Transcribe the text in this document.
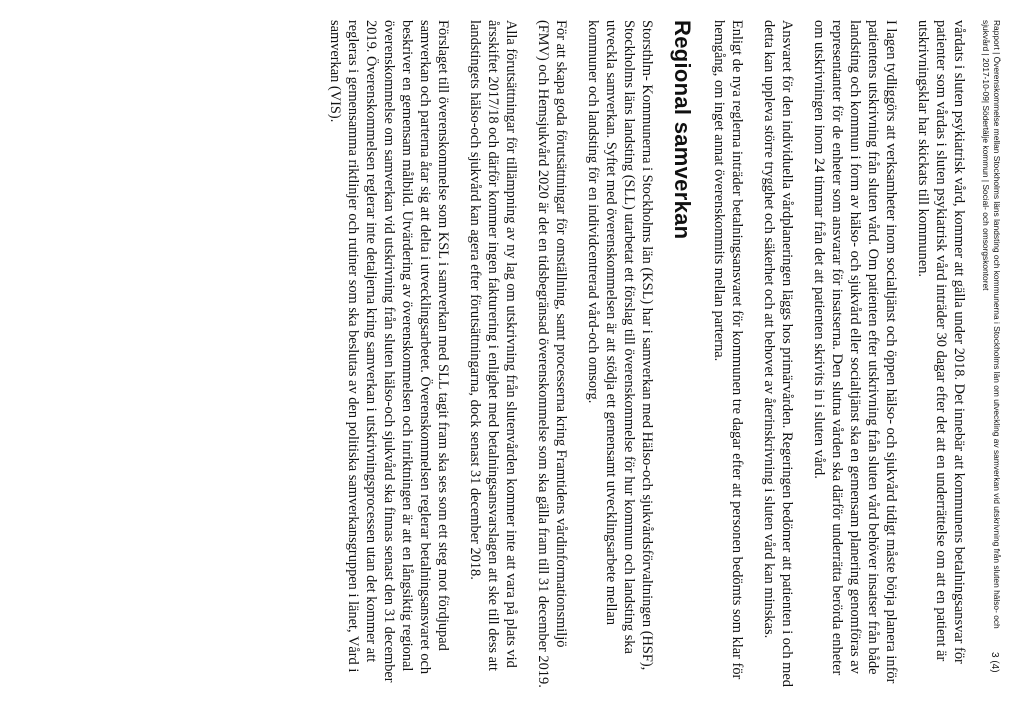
Rapport | Överenskommelse mellan Stockholms läns landsting och kommunerna i Stockholms län om utveckling av samverkan vid utskrivning från sluten hälso- och sjukvård | 2017-10-09| Södertälje kommun | Social- och omsorgskontoret
3 (4)

vårdats i sluten psykiatrisk vård, kommer att gälla under 2018. Det innebär att kommunens betalningsansvar för patienter som vårdas i sluten psykiatrisk vård inträder 30 dagar efter det att en underrättelse om att en patient är utskrivningsklar har skickats till kommunen.

I lagen tydliggörs att verksamheter inom socialtjänst och öppen hälso- och sjukvård tidigt måste börja planera inför patientens utskrivning från sluten vård. Om patienten efter utskrivning från sluten vård behöver insatser från både landsting och kommun i form av hälso- och sjukvård eller socialtjänst ska en gemensam planering genomföras av representanter för de enheter som ansvarar för insatserna. Den slutna vården ska därför underrätta berörda enheter om utskrivningen inom 24 timmar från det att patienten skrivits in i sluten vård.

Ansvaret för den individuella vårdplaneringen läggs hos primärvården. Regeringen bedömer att patienten i och med detta kan uppleva större trygghet och säkerhet och att behovet av återinskrivning i sluten vård kan minskas.

Enligt de nya reglerna inträder betalningsansvaret för kommunen tre dagar efter att personen bedömts som klar för hemgång, om inget annat överenskommits mellan parterna.

Regional samverkan

Storsthlm- Kommunerna i Stockholms län (KSL) har i samverkan med Hälso-och sjukvårdsförvaltningen (HSF), Stockholms läns landsting (SLL) utarbetat ett förslag till överenskommelse för hur kommun och landsting ska utveckla samverkan. Syftet med överenskommelsen är att stödja ett gemensamt utvecklingsarbete mellan kommuner och landsting för en individcentrerad vård-och omsorg.

För att skapa goda förutsättningar för omställning, samt processerna kring Framtidens vårdinformationsmiljö (FMV) och Hemsjukvård 2020 är det en tidsbegränsad överenskommelse som ska gälla fram till 31 december 2019.

Alla förutsättningar för tillämpning av ny lag om utskrivning från slutenvården kommer inte att vara på plats vid årsskiftet 2017/18 och därför kommer ingen fakturering i enlighet med betalningsansvarslagen att ske till dess att landstingets hälso-och sjukvård kan agera efter förutsättningarna, dock senast 31 december 2018.

Förslaget till överenskommelse som KSL i samverkan med SLL tagit fram ska ses som ett steg mot fördjupad samverkan och parterna åtar sig att delta i utvecklingsarbetet. Överenskommelsen reglerar betalningsansvaret och beskriver en gemensam målbild. Utvärdering av överenskommelsen och inriktningen är att en långsiktig regional överenskommelse om samverkan vid utskrivning från sluten hälso-och sjukvård ska finnas senast den 31 december 2019. Överenskommelsen reglerar inte detaljerna kring samverkan i utskrivningsprocessen utan det kommer att regleras i gemensamma riktlinjer och rutiner som ska beslutas av den politiska samverkansgruppen i länet, Vård i samverkan (VIS).
